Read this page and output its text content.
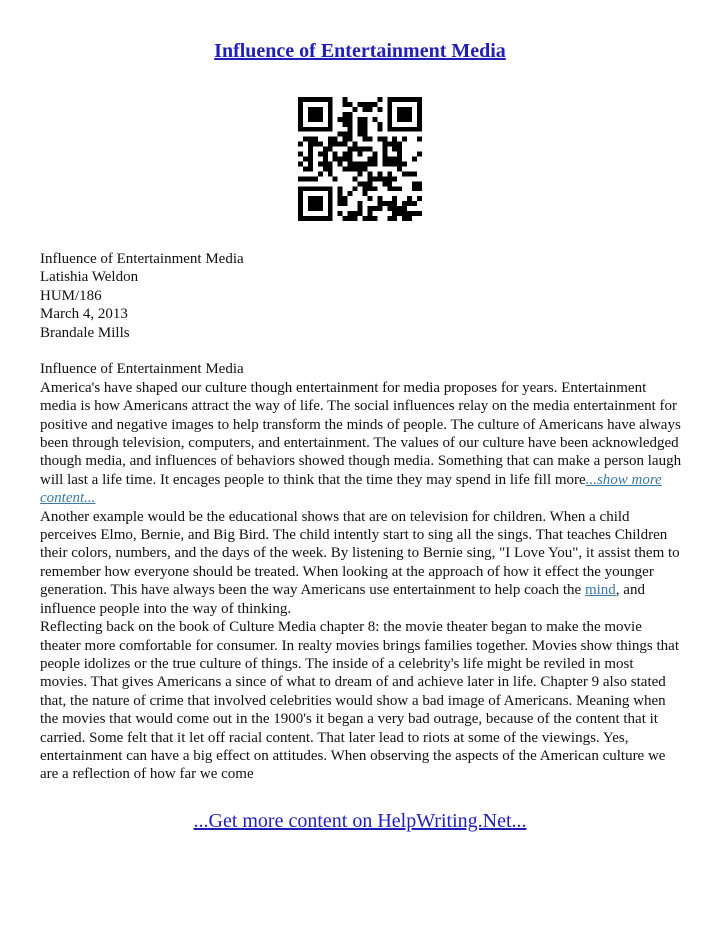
Influence of Entertainment Media

Influence of Entertainment Media

Latishia Weldon

HUM/186

March 4, 2013

Brandale Mills

Influence of Entertainment Media

America's have shaped our culture though entertainment for media proposes for years. Entertainment media is how Americans attract the way of life. The social influences relay on the media entertainment for positive and negative images to help transform the minds of people. The culture of Americans have always been through television, computers, and entertainment. The values of our culture have been acknowledged though media, and influences of behaviors showed though media. Something that can make a person laugh will last a life time. It encages people to think that the time they may spend in life fill more...show more content...

Another example would be the educational shows that are on television for children. When a child perceives Elmo, Bernie, and Big Bird. The child intently start to sing all the sings. That teaches Children their colors, numbers, and the days of the week. By listening to Bernie sing, "I Love You", it assist them to remember how everyone should be treated. When looking at the approach of how it effect the younger generation. This have always been the way Americans use entertainment to help coach the mind, and influence people into the way of thinking.

Reflecting back on the book of Culture Media chapter 8: the movie theater began to make the movie theater more comfortable for consumer. In realty movies brings families together. Movies show things that people idolizes or the true culture of things. The inside of a celebrity's life might be reviled in most movies. That gives Americans a since of what to dream of and achieve later in life. Chapter 9 also stated that, the nature of crime that involved celebrities would show a bad image of Americans. Meaning when the movies that would come out in the 1900's it began a very bad outrage, because of the content that it carried. Some felt that it let off racial content. That later lead to riots at some of the viewings. Yes, entertainment can have a big effect on attitudes. When observing the aspects of the American culture we are a reflection of how far we come

...Get more content on HelpWriting.Net...
